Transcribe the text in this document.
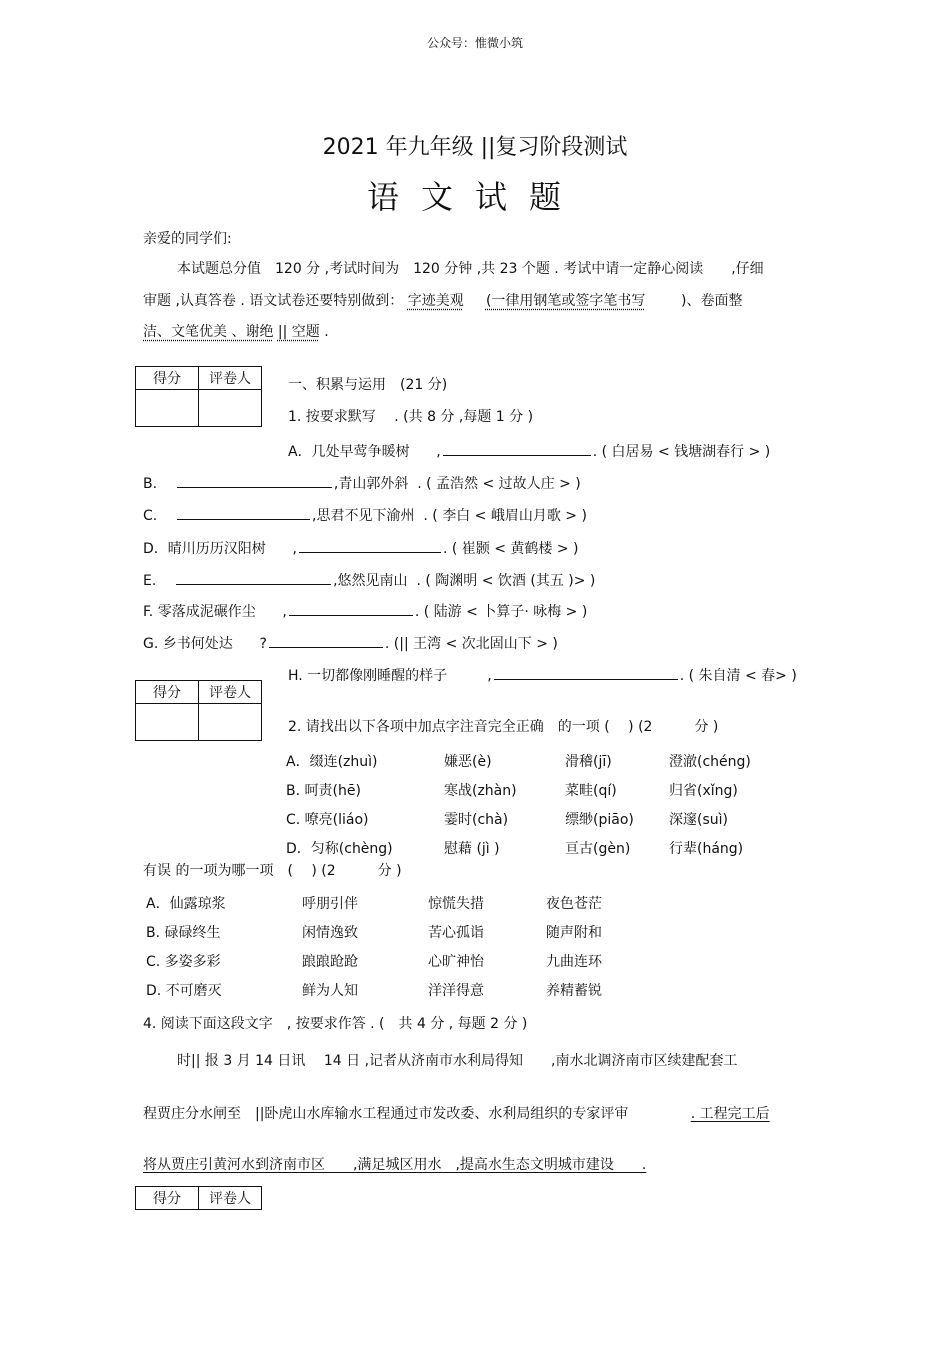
公众号：惟微小筑
2021 年九年级 ||复习阶段测试
语文试题
亲爱的同学们:
本试题总分值　120 分 ,考试时间为　120 分钟 ,共 23 个题 . 考试中请一定静心阅读　　,仔细
审题 ,认真答卷 . 语文试卷还要特别做到： 字迹美观 (一律用钢笔或签字笔书写	)、卷面整
洁、文笔优美 、谢绝 || 空题 .
得分	评卷人
		一、积累与运用　(21 分)
1. 按要求默写　 . (共 8 分 ,每题 1 分 )
A．几处早莺争暖树 ,	. ( 白居易 < 钱塘湖春行 > )
B.	,青山郭外斜 . ( 孟浩然 < 过故人庄 > )
C.	,思君不见下渝州 . ( 李白 < 峨眉山月歌 > )
D．晴川历历汉阳树 ,	. ( 崔颢 < 黄鹤楼 > )
E.	,悠然见南山 . ( 陶渊明 < 饮酒 (其五 )> )
F. 零落成泥碾作尘 ,	. ( 陆游 < 卜算子· 咏梅 > )
G. 乡书何处达 ?	. (|| 王湾 < 次北固山下 > )
得分	评卷人

H. 一切都像刚睡醒的样子	,	. ( 朱自清 < 春> )
2. 请找出以下各项中加点字注音完全正确　的一项 (　 ) (2　　　分 )
A．缀连(zhuì)	嫌恶(è)	滑稽(jī)	澄澈(chéng)
B. 呵责(hē)	寒战(zhàn)	菜畦(qí)	归省(xǐng)
C. 嘹亮(liáo)	霎时(chà)	缥缈(piāo)	深邃(suì)
D．匀称(chèng)	慰藉 (jì )	亘古(gèn)	行辈(háng)
有误 的一项为哪一项　(　 ) (2　　　分 )
A．仙露琼浆	呼朋引伴	惊慌失措	夜色苍茫
B. 碌碌终生	闲情逸致	苦心孤诣	随声附和
C. 多姿多彩	踉踉跄跄	心旷神怡	九曲连环
D. 不可磨灭	鲜为人知	洋洋得意	养精蓄锐
4. 阅读下面这段文字　, 按要求作答 . (　共 4 分 , 每题 2 分 )
时|| 报 3 月 14 日讯　 14 日 ,记者从济南市水利局得知　　,南水北调济南市区续建配套工
程贾庄分水闸至　||卧虎山水库输水工程通过市发改委、水利局组织的专家评审	. 工程完工后
将从贾庄引黄河水到济南市区　　,满足城区用水　,提高水生态文明城市建设　　.
得分	评卷人
